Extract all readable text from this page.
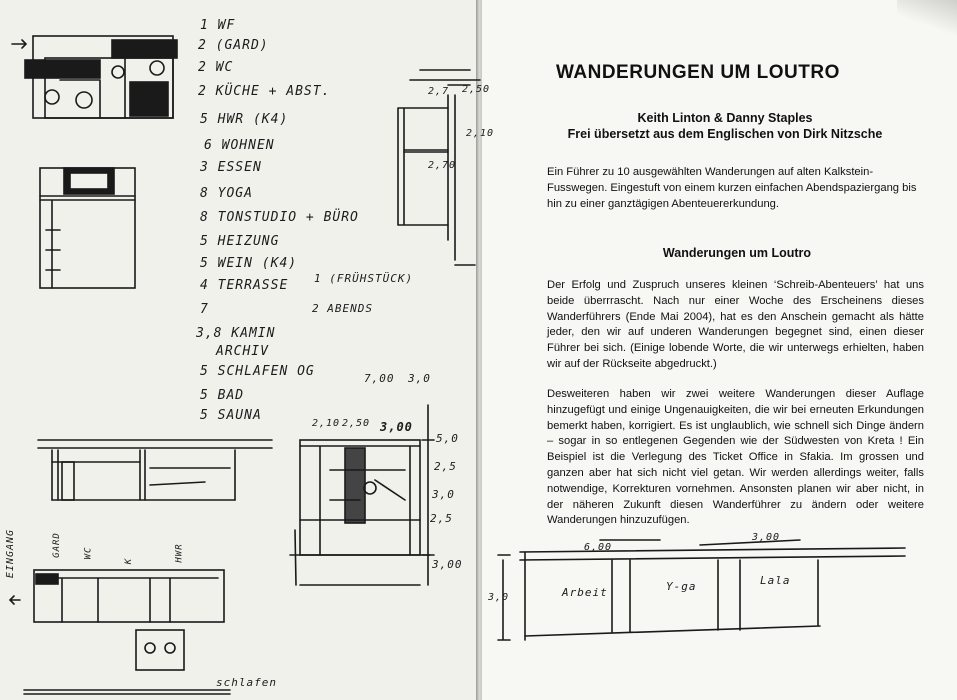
1 WF
2 (GARD)
2 WC
2 KÜCHE + ABST.
5 HWR (K4)
6 WOHNEN
3 ESSEN
8 YOGA
8 TONSTUDIO + BÜRO
5 HEIZUNG
5 WEIN (K4)
4 TERRASSE 1 (FRÜHSTÜCK)
7	2 ABENDS
3,8 KAMIN
ARCHIV
5 SCHLAFEN OG
5 BAD
5 SAUNA
2,7 2,50
2,10
2,70
7,00 3,0
2,10 2,50 3,00
5,0
2,5
3,0
2,5
3,00
3,0
6,00
3,00
EINGANG	GARD WC
K	HWR
Arbeit	Y-ga	Lala
schlafen
WANDERUNGEN UM LOUTRO
Keith Linton & Danny Staples
Frei übersetzt aus dem Englischen von Dirk Nitzsche
Ein Führer zu 10 ausgewählten Wanderungen auf alten Kalkstein-Fusswegen. Eingestuft von einem kurzen einfachen Abendspaziergang bis hin zu einer ganztägigen Abenteuererkundung.
Wanderungen um Loutro
Der Erfolg und Zuspruch unseres kleinen ‘Schreib-Abenteuers’ hat uns beide überrrascht. Nach nur einer Woche des Erscheinens dieses Wanderführers (Ende Mai 2004), hat es den Anschein gemacht als hätte jeder, den wir auf underen Wanderungen begegnet sind, einen dieser Führer bei sich. (Einige lobende Worte, die wir unterwegs erhielten, haben wir auf der Rückseite abgedruckt.)
Desweiteren haben wir zwei weitere Wanderungen dieser Auflage hinzugefügt und einige Ungenauigkeiten, die wir bei erneuten Erkundungen bemerkt haben, korrigiert. Es ist unglaublich, wie schnell sich Dinge ändern – sogar in so entlegenen Gegenden wie der Südwesten von Kreta ! Ein Beispiel ist die Verlegung des Ticket Office in Sfakia. Im grossen und ganzen aber hat sich nicht viel getan. Wir werden allerdings weiter, falls notwendige, Korrekturen vornehmen. Ansonsten planen wir aber nicht, in der näheren Zukunft diesen Wanderführer zu ändern oder weitere Wanderungen hinzuzufügen.
